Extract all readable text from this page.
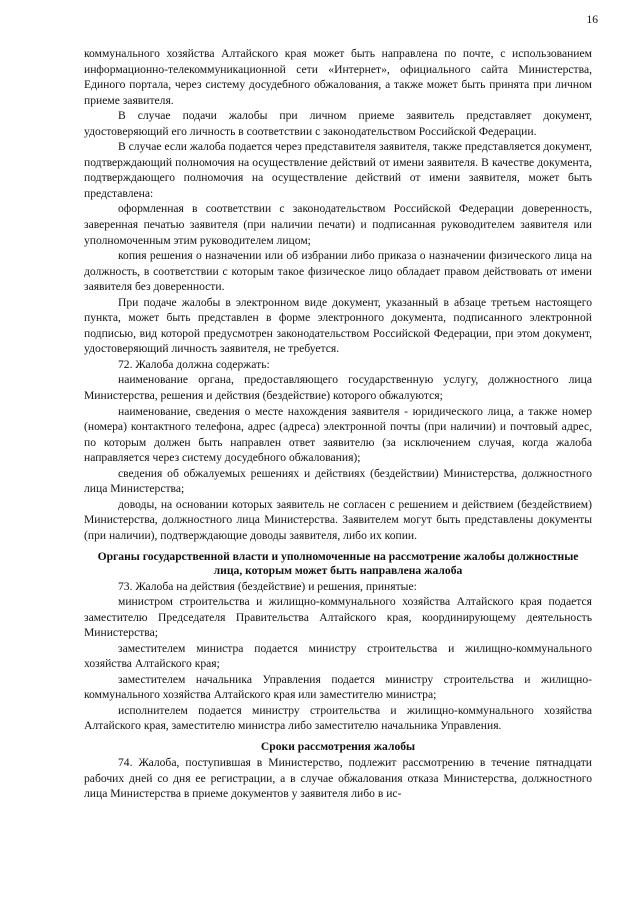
16

коммунального хозяйства Алтайского края может быть направлена по почте, с использованием информационно-телекоммуникационной сети «Интернет», официального сайта Министерства, Единого портала, через систему досудебного обжалования, а также может быть принята при личном приеме заявителя.

В случае подачи жалобы при личном приеме заявитель представляет документ, удостоверяющий его личность в соответствии с законодательством Российской Федерации.

В случае если жалоба подается через представителя заявителя, также представляется документ, подтверждающий полномочия на осуществление действий от имени заявителя. В качестве документа, подтверждающего полномочия на осуществление действий от имени заявителя, может быть представлена:

оформленная в соответствии с законодательством Российской Федерации доверенность, заверенная печатью заявителя (при наличии печати) и подписанная руководителем заявителя или уполномоченным этим руководителем лицом;

копия решения о назначении или об избрании либо приказа о назначении физического лица на должность, в соответствии с которым такое физическое лицо обладает правом действовать от имени заявителя без доверенности.

При подаче жалобы в электронном виде документ, указанный в абзаце третьем настоящего пункта, может быть представлен в форме электронного документа, подписанного электронной подписью, вид которой предусмотрен законодательством Российской Федерации, при этом документ, удостоверяющий личность заявителя, не требуется.

72. Жалоба должна содержать:

наименование органа, предоставляющего государственную услугу, должностного лица Министерства, решения и действия (бездействие) которого обжалуются;

наименование, сведения о месте нахождения заявителя - юридического лица, а также номер (номера) контактного телефона, адрес (адреса) электронной почты (при наличии) и почтовый адрес, по которым должен быть направлен ответ заявителю (за исключением случая, когда жалоба направляется через систему досудебного обжалования);

сведения об обжалуемых решениях и действиях (бездействии) Министерства, должностного лица Министерства;

доводы, на основании которых заявитель не согласен с решением и действием (бездействием) Министерства, должностного лица Министерства. Заявителем могут быть представлены документы (при наличии), подтверждающие доводы заявителя, либо их копии.

Органы государственной власти и уполномоченные на рассмотрение жалобы должностные лица, которым может быть направлена жалоба

73. Жалоба на действия (бездействие) и решения, принятые:

министром строительства и жилищно-коммунального хозяйства Алтайского края подается заместителю Председателя Правительства Алтайского края, координирующему деятельность Министерства;

заместителем министра подается министру строительства и жилищно-коммунального хозяйства Алтайского края;

заместителем начальника Управления подается министру строительства и жилищно-коммунального хозяйства Алтайского края или заместителю министра;

исполнителем подается министру строительства и жилищно-коммунального хозяйства Алтайского края, заместителю министра либо заместителю начальника Управления.

Сроки рассмотрения жалобы

74. Жалоба, поступившая в Министерство, подлежит рассмотрению в течение пятнадцати рабочих дней со дня ее регистрации, а в случае обжалования отказа Министерства, должностного лица Министерства в приеме документов у заявителя либо в ис-
